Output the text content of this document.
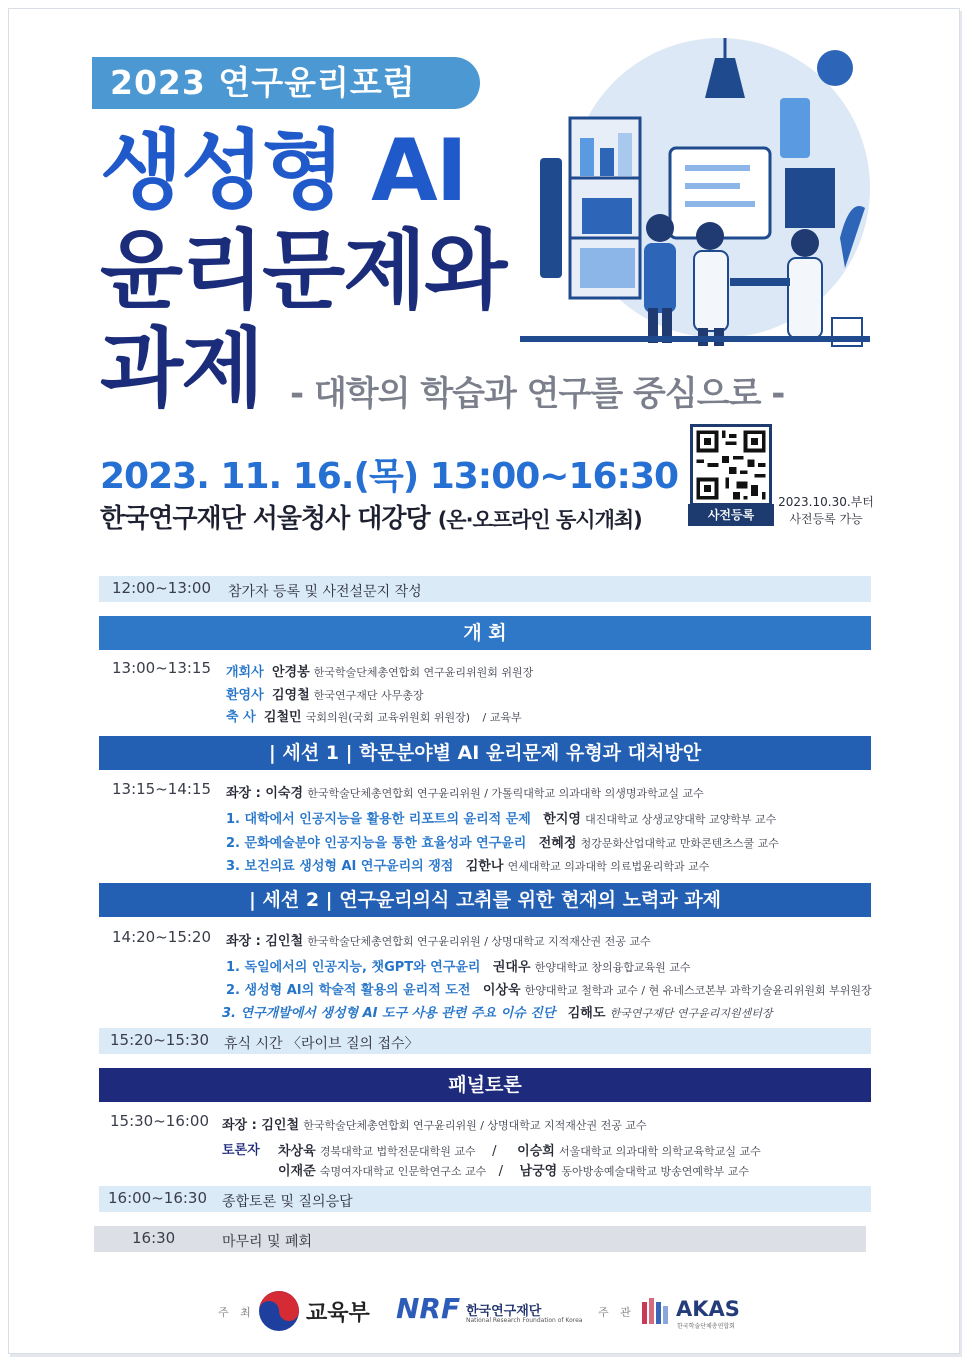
2023 연구윤리포럼
생성형 AI
윤리문제와
과제 - 대학의 학습과 연구를 중심으로 -
2023. 11. 16.(목) 13:00~16:30
한국연구재단 서울청사 대강당 (온·오프라인 동시개최)	사전등록
2023.10.30.부터
사전등록 가능
12:00~13:00 참가자 등록 및 사전설문지 작성
개 회
13:00~13:15 개회사 안경봉 한국학술단체총연합회 연구윤리위원회 위원장
환영사 김영철 한국연구재단 사무총장
축 사 김철민 국회의원(국회 교육위원회 위원장) / 교육부
| 세션 1 | 학문분야별 AI 윤리문제 유형과 대처방안
13:15~14:15 좌장 : 이숙경 한국학술단체총연합회 연구윤리위원 / 가톨릭대학교 의과대학 의생명과학교실 교수
1. 대학에서 인공지능을 활용한 리포트의 윤리적 문제 한지영 대진대학교 상생교양대학 교양학부 교수
2. 문화예술분야 인공지능을 통한 효율성과 연구윤리 전혜정 청강문화산업대학교 만화콘텐츠스쿨 교수
3. 보건의료 생성형 AI 연구윤리의 쟁점 김한나 연세대학교 의과대학 의료법윤리학과 교수
| 세션 2 | 연구윤리의식 고취를 위한 현재의 노력과 과제
14:20~15:20 좌장 : 김인철 한국학술단체총연합회 연구윤리위원 / 상명대학교 지적재산권 전공 교수
1. 독일에서의 인공지능, 챗GPT와 연구윤리 권대우 한양대학교 창의융합교육원 교수
2. 생성형 AI의 학술적 활용의 윤리적 도전 이상욱 한양대학교 철학과 교수 / 현 유네스코본부 과학기술윤리위원회 부위원장
3. 연구개발에서 생성형 AI 도구 사용 관련 주요 이슈 진단 김해도 한국연구재단 연구윤리지원센터장
15:20~15:30 휴식 시간 〈라이브 질의 접수〉
패널토론
15:30~16:00 좌장 : 김인철 한국학술단체총연합회 연구윤리위원 / 상명대학교 지적재산권 전공 교수
토론자 차상육 경북대학교 법학전문대학원 교수    /     이승희 서울대학교 의과대학 의학교육학교실 교수
이재준 숙명여자대학교 인문학연구소 교수   /    남궁영 동아방송예술대학교 방송연예학부 교수
16:00~16:30 종합토론 및 질의응답
16:30	마무리 및 폐회
주 최 교육부 NRF 한국연구재단
National Research Foundation of Korea
주 관 AKAS
한국학술단체총연합회
